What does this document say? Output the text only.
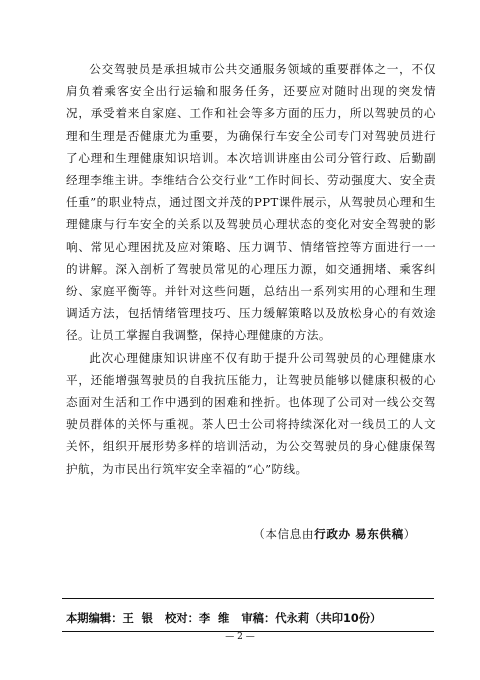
公交驾驶员是承担城市公共交通服务领域的重要群体之一，不仅肩负着乘客安全出行运输和服务任务，还要应对随时出现的突发情况，承受着来自家庭、工作和社会等多方面的压力，所以驾驶员的心理和生理是否健康尤为重要，为确保行车安全公司专门对驾驶员进行了心理和生理健康知识培训。本次培训讲座由公司分管行政、后勤副经理李维主讲。李维结合公交行业“工作时间长、劳动强度大、安全责任重”的职业特点，通过图文并茂的PPT课件展示，从驾驶员心理和生理健康与行车安全的关系以及驾驶员心理状态的变化对安全驾驶的影响、常见心理困扰及应对策略、压力调节、情绪管控等方面进行一一的讲解。深入剖析了驾驶员常见的心理压力源，如交通拥堵、乘客纠纷、家庭平衡等。并针对这些问题，总结出一系列实用的心理和生理调适方法，包括情绪管理技巧、压力缓解策略以及放松身心的有效途径。让员工掌握自我调整，保持心理健康的方法。

此次心理健康知识讲座不仅有助于提升公司驾驶员的心理健康水平，还能增强驾驶员的自我抗压能力，让驾驶员能够以健康积极的心态面对生活和工作中遇到的困难和挫折。也体现了公司对一线公交驾驶员群体的关怀与重视。茶人巴士公司将持续深化对一线员工的人文关怀，组织开展形势多样的培训活动，为公交驾驶员的身心健康保驾护航，为市民出行筑牢安全幸福的“心”防线。

（本信息由行政办 易东供稿）
本期编辑：王  银 校对：李  维 审稿：代永莉（共印10份）
— 2 —
